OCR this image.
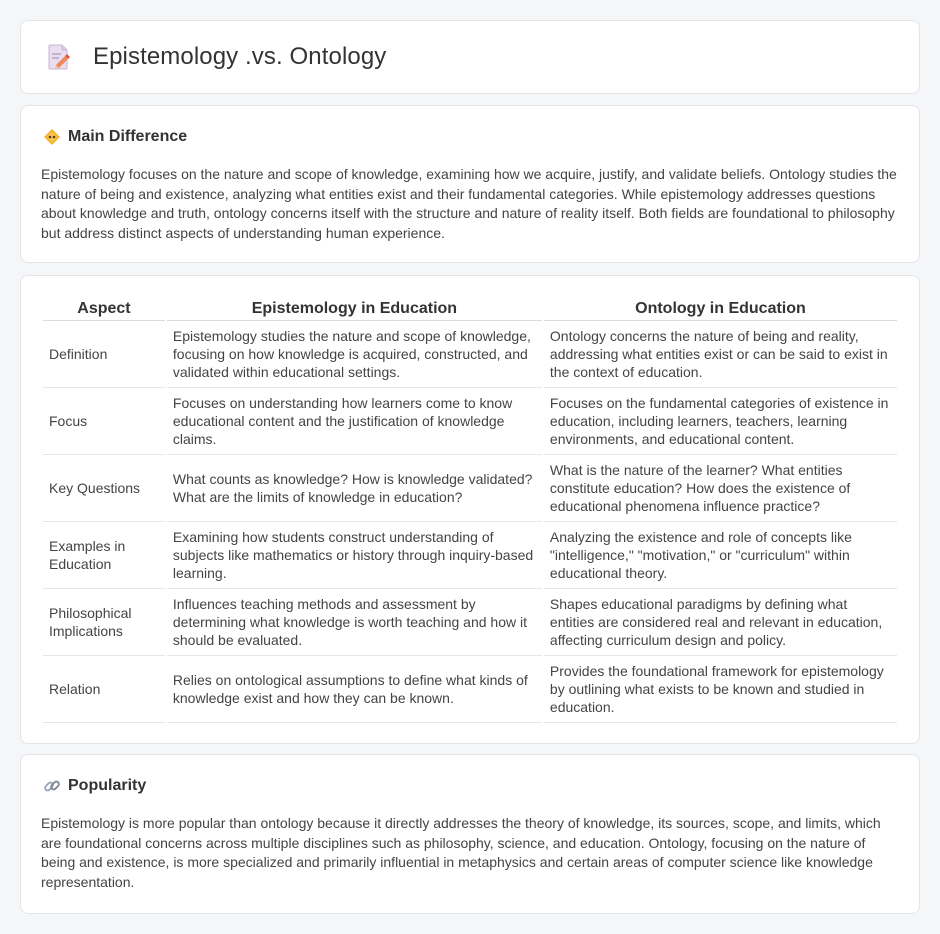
Epistemology .vs. Ontology
Main Difference

Epistemology focuses on the nature and scope of knowledge, examining how we acquire, justify, and validate beliefs. Ontology studies the nature of being and existence, analyzing what entities exist and their fundamental categories. While epistemology addresses questions about knowledge and truth, ontology concerns itself with the structure and nature of reality itself. Both fields are foundational to philosophy but address distinct aspects of understanding human experience.

Aspect	Epistemology in Education	Ontology in Education
Definition	Epistemology studies the nature and scope of knowledge, focusing on how knowledge is acquired, constructed, and validated within educational settings.	Ontology concerns the nature of being and reality, addressing what entities exist or can be said to exist in the context of education.
Focus	Focuses on understanding how learners come to know educational content and the justification of knowledge claims.	Focuses on the fundamental categories of existence in education, including learners, teachers, learning environments, and educational content.
Key Questions	What counts as knowledge? How is knowledge validated? What are the limits of knowledge in education?	What is the nature of the learner? What entities constitute education? How does the existence of educational phenomena influence practice?
Examples in Education	Examining how students construct understanding of subjects like mathematics or history through inquiry-based learning.	Analyzing the existence and role of concepts like "intelligence," "motivation," or "curriculum" within educational theory.
Philosophical Implications	Influences teaching methods and assessment by determining what knowledge is worth teaching and how it should be evaluated.	Shapes educational paradigms by defining what entities are considered real and relevant in education, affecting curriculum design and policy.
Relation	Relies on ontological assumptions to define what kinds of knowledge exist and how they can be known.	Provides the foundational framework for epistemology by outlining what exists to be known and studied in education.
Popularity

Epistemology is more popular than ontology because it directly addresses the theory of knowledge, its sources, scope, and limits, which are foundational concerns across multiple disciplines such as philosophy, science, and education. Ontology, focusing on the nature of being and existence, is more specialized and primarily influential in metaphysics and certain areas of computer science like knowledge representation.
